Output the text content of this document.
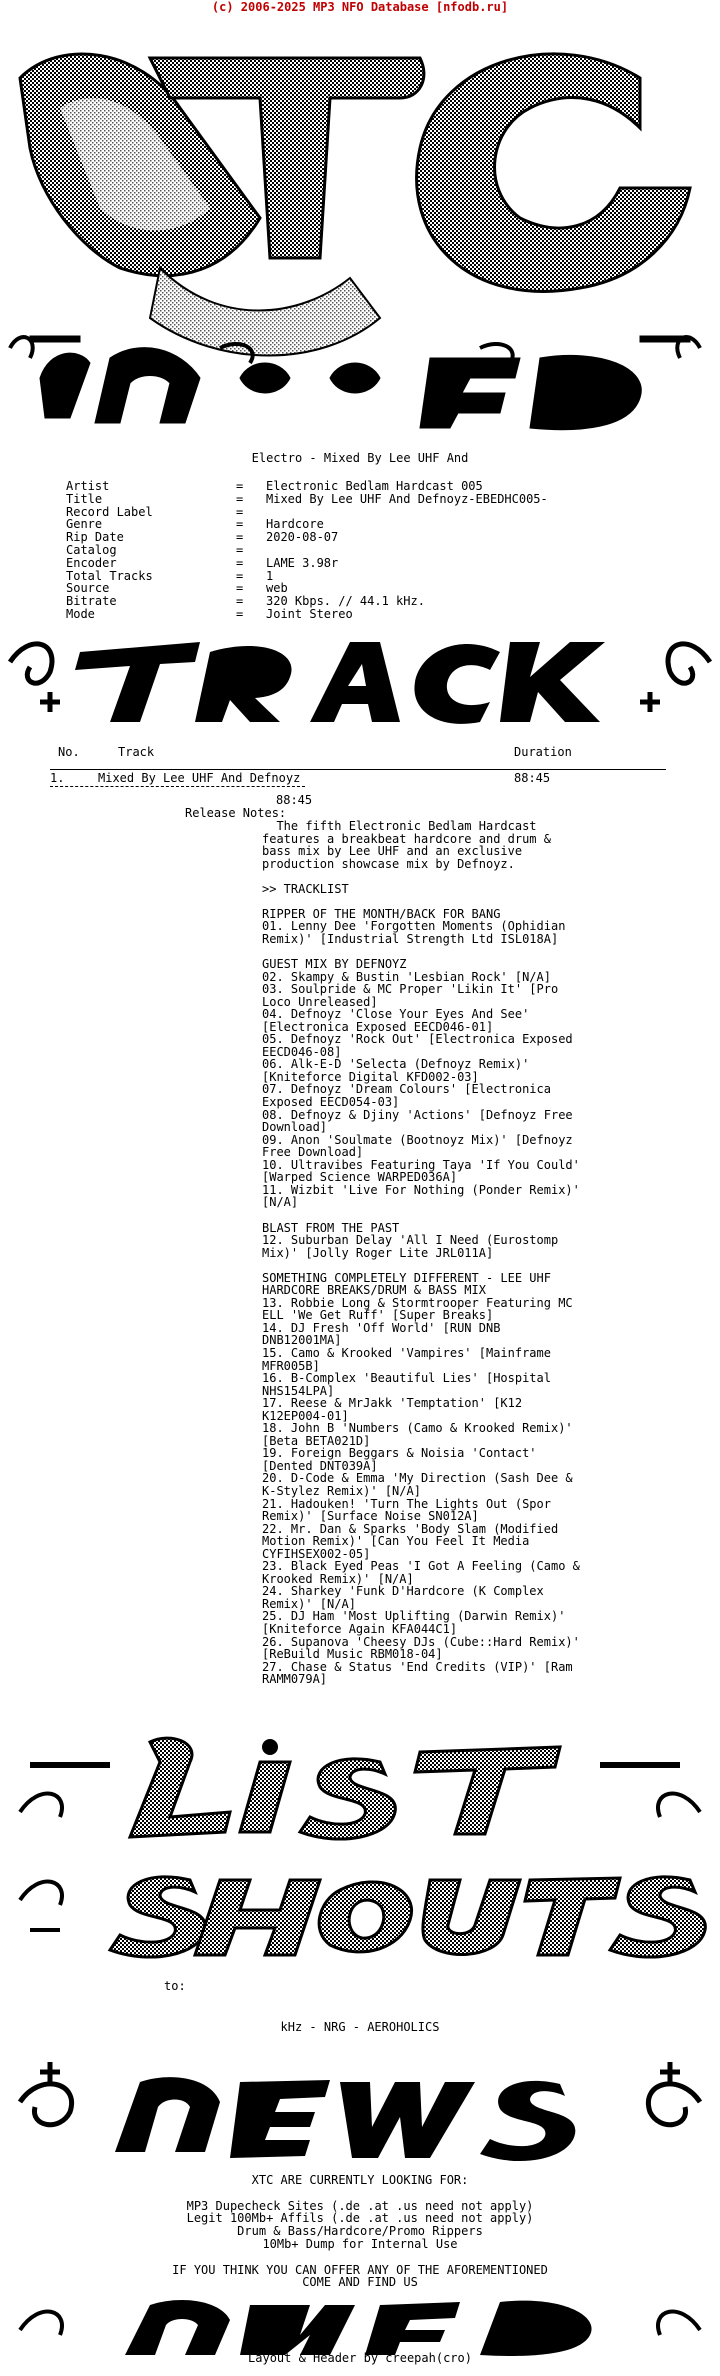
(c) 2006-2025 MP3 NFO Database [nfodb.ru]
Electro - Mixed By Lee UHF And
Artist	=	Electronic Bedlam Hardcast 005
Title	=	Mixed By Lee UHF And Defnoyz-EBEDHC005-
Record Label	=
Genre	=	Hardcore
Rip Date	=	2020-08-07
Catalog	=
Encoder	=	LAME 3.98r
Total Tracks	=	1
Source	=	web
Bitrate	=	320 Kbps. // 44.1 kHz.
Mode	=	Joint Stereo
No.	Track	Duration
1.	Mixed By Lee UHF And Defnoyz	88:45
88:45
Release Notes:
The fifth Electronic Bedlam Hardcast
features a breakbeat hardcore and drum &
bass mix by Lee UHF and an exclusive
production showcase mix by Defnoyz.

>> TRACKLIST

RIPPER OF THE MONTH/BACK FOR BANG
01. Lenny Dee 'Forgotten Moments (Ophidian
Remix)' [Industrial Strength Ltd ISL018A]

GUEST MIX BY DEFNOYZ
02. Skampy & Bustin 'Lesbian Rock' [N/A]
03. Soulpride & MC Proper 'Likin It' [Pro
Loco Unreleased]
04. Defnoyz 'Close Your Eyes And See'
[Electronica Exposed EECD046-01]
05. Defnoyz 'Rock Out' [Electronica Exposed
EECD046-08]
06. Alk-E-D 'Selecta (Defnoyz Remix)'
[Kniteforce Digital KFD002-03]
07. Defnoyz 'Dream Colours' [Electronica
Exposed EECD054-03]
08. Defnoyz & Djiny 'Actions' [Defnoyz Free
Download]
09. Anon 'Soulmate (Bootnoyz Mix)' [Defnoyz
Free Download]
10. Ultravibes Featuring Taya 'If You Could'
[Warped Science WARPED036A]
11. Wizbit 'Live For Nothing (Ponder Remix)'
[N/A]

BLAST FROM THE PAST
12. Suburban Delay 'All I Need (Eurostomp
Mix)' [Jolly Roger Lite JRL011A]

SOMETHING COMPLETELY DIFFERENT - LEE UHF
HARDCORE BREAKS/DRUM & BASS MIX
13. Robbie Long & Stormtrooper Featuring MC
ELL 'We Get Ruff' [Super Breaks]
14. DJ Fresh 'Off World' [RUN DNB
DNB12001MA]
15. Camo & Krooked 'Vampires' [Mainframe
MFR005B]
16. B-Complex 'Beautiful Lies' [Hospital
NHS154LPA]
17. Reese & MrJakk 'Temptation' [K12
K12EP004-01]
18. John B 'Numbers (Camo & Krooked Remix)'
[Beta BETA021D]
19. Foreign Beggars & Noisia 'Contact'
[Dented DNT039A]
20. D-Code & Emma 'My Direction (Sash Dee &
K-Stylez Remix)' [N/A]
21. Hadouken! 'Turn The Lights Out (Spor
Remix)' [Surface Noise SN012A]
22. Mr. Dan & Sparks 'Body Slam (Modified
Motion Remix)' [Can You Feel It Media
CYFIHSEX002-05]
23. Black Eyed Peas 'I Got A Feeling (Camo &
Krooked Remix)' [N/A]
24. Sharkey 'Funk D'Hardcore (K Complex
Remix)' [N/A]
25. DJ Ham 'Most Uplifting (Darwin Remix)'
[Kniteforce Again KFA044C1]
26. Supanova 'Cheesy DJs (Cube::Hard Remix)'
[ReBuild Music RBM018-04]
27. Chase & Status 'End Credits (VIP)' [Ram
RAMM079A]
to:
kHz - NRG - AEROHOLICS
XTC ARE CURRENTLY LOOKING FOR:
MP3 Dupecheck Sites (.de .at .us need not apply)
Legit 100Mb+ Affils (.de .at .us need not apply)
Drum & Bass/Hardcore/Promo Rippers
10Mb+ Dump for Internal Use
IF YOU THINK YOU CAN OFFER ANY OF THE AFOREMENTIONED
COME AND FIND US
Layout & Header by creepah(cro)
